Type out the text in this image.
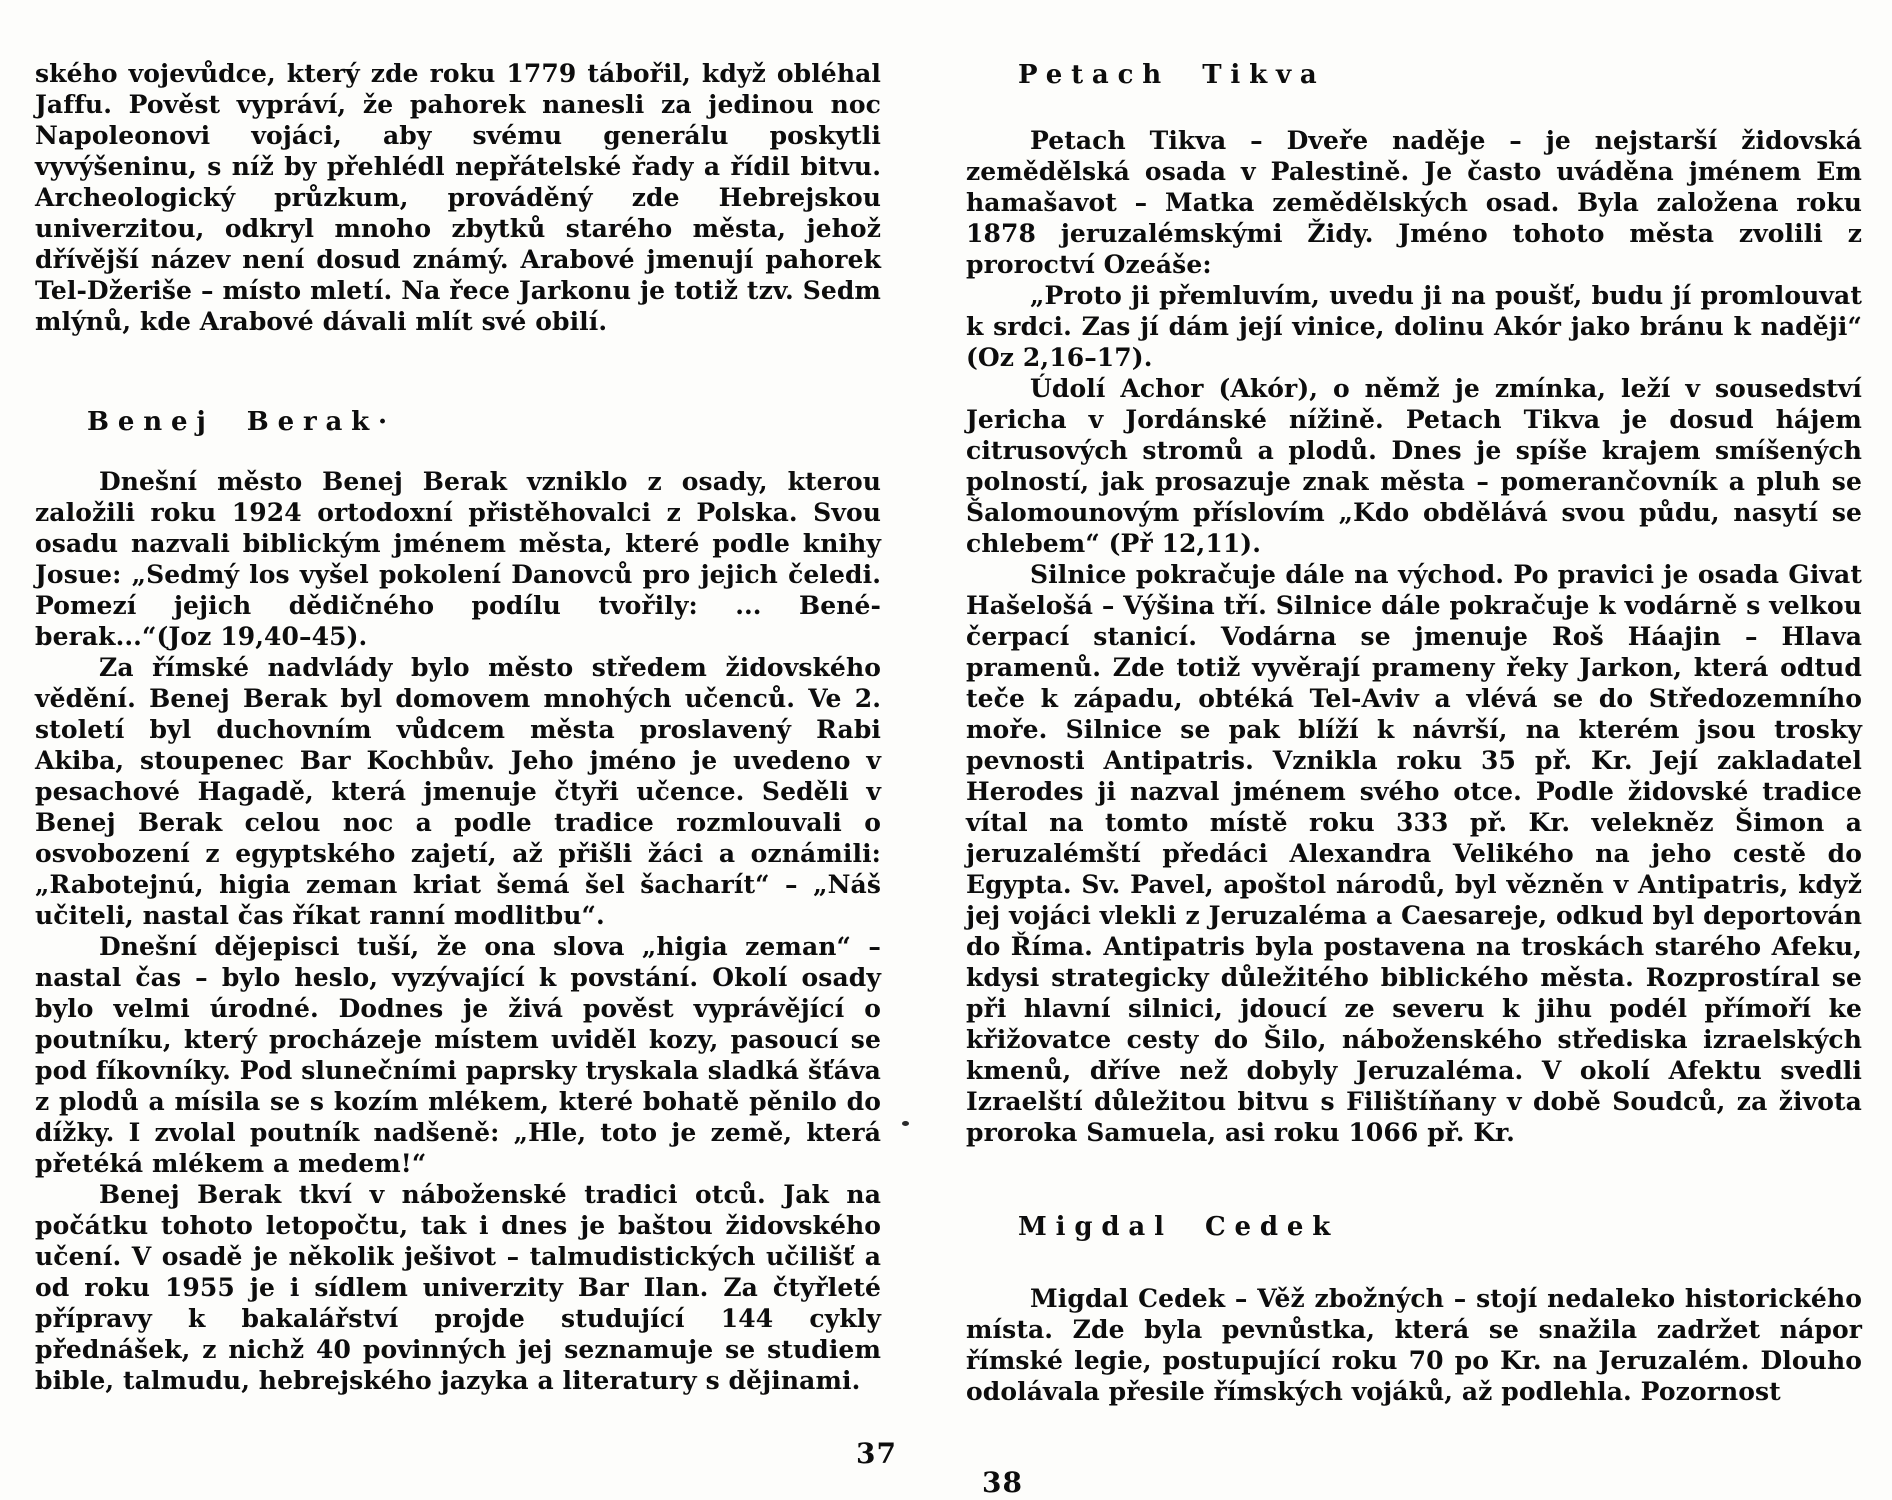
ského vojevůdce, který zde roku 1779 tábořil, když obléhal Jaffu. Pověst vypráví, že pahorek nanesli za jedinou noc Napoleonovi vojáci, aby svému generálu poskytli vyvýšeninu, s níž by přehlédl nepřátelské řady a řídil bitvu. Archeologický průzkum, prováděný zde Hebrejskou univerzitou, odkryl mnoho zbytků starého města, jehož dřívější název není dosud známý. Arabové jmenují pahorek Tel-Džeriše – místo mletí. Na řece Jarkonu je totiž tzv. Sedm mlýnů, kde Arabové dávali mlít své obilí.

Benej Berak·

Dnešní město Benej Berak vzniklo z osady, kterou založili roku 1924 ortodoxní přistěhovalci z Polska. Svou osadu nazvali biblickým jménem města, které podle knihy Josue: „Sedmý los vyšel pokolení Danovců pro jejich čeledi. Pomezí jejich dědičného podílu tvořily: ... Bené-berak...“(Joz 19,40–45).

Za římské nadvlády bylo město středem židovského vědění. Benej Berak byl domovem mnohých učenců. Ve 2. století byl duchovním vůdcem města proslavený Rabi Akiba, stoupenec Bar Kochbův. Jeho jméno je uvedeno v pesachové Hagadě, která jmenuje čtyři učence. Seděli v Benej Berak celou noc a podle tradice rozmlouvali o osvobození z egyptského zajetí, až přišli žáci a oznámili: „Rabotejnú, higia zeman kriat šemá šel šacharít“ – „Náš učiteli, nastal čas říkat ranní modlitbu“.

Dnešní dějepisci tuší, že ona slova „higia zeman“ – nastal čas – bylo heslo, vyzývající k povstání. Okolí osady bylo velmi úrodné. Dodnes je živá pověst vyprávějící o poutníku, který procházeje místem uviděl kozy, pasoucí se pod fíkovníky. Pod slunečními paprsky tryskala sladká šťáva z plodů a mísila se s kozím mlékem, které bohatě pěnilo do dížky. I zvolal poutník nadšeně: „Hle, toto je země, která přetéká mlékem a medem!“

Benej Berak tkví v náboženské tradici otců. Jak na počátku tohoto letopočtu, tak i dnes je baštou židovského učení. V osadě je několik ješivot – talmudistických učilišť a od roku 1955 je i sídlem univerzity Bar Ilan. Za čtyřleté přípravy k bakalářství projde studující 144 cykly přednášek, z nichž 40 povinných jej seznamuje se studiem bible, talmudu, hebrejského jazyka a literatury s dějinami.

Petach Tikva

Petach Tikva – Dveře naděje – je nejstarší židovská zemědělská osada v Palestině. Je často uváděna jménem Em hamašavot – Matka zemědělských osad. Byla založena roku 1878 jeruzalémskými Židy. Jméno tohoto města zvolili z proroctví Ozeáše:

„Proto ji přemluvím, uvedu ji na poušť, budu jí promlouvat k srdci. Zas jí dám její vinice, dolinu Akór jako bránu k naději“ (Oz 2,16–17).

Údolí Achor (Akór), o němž je zmínka, leží v sousedství Jericha v Jordánské nížině. Petach Tikva je dosud hájem citrusových stromů a plodů. Dnes je spíše krajem smíšených polností, jak prosazuje znak města – pomerančovník a pluh se Šalomounovým příslovím „Kdo obdělává svou půdu, nasytí se chlebem“ (Př 12,11).

Silnice pokračuje dále na východ. Po pravici je osada Givat Hašelošá – Výšina tří. Silnice dále pokračuje k vodárně s velkou čerpací stanicí. Vodárna se jmenuje Roš Háajin – Hlava pramenů. Zde totiž vyvěrají prameny řeky Jarkon, která odtud teče k západu, obtéká Tel-Aviv a vlévá se do Středozemního moře. Silnice se pak blíží k návrší, na kterém jsou trosky pevnosti Antipatris. Vznikla roku 35 př. Kr. Její zakladatel Herodes ji nazval jménem svého otce. Podle židovské tradice vítal na tomto místě roku 333 př. Kr. velekněz Šimon a jeruzalémští předáci Alexandra Velikého na jeho cestě do Egypta. Sv. Pavel, apoštol národů, byl vězněn v Antipatris, když jej vojáci vlekli z Jeruzaléma a Caesareje, odkud byl deportován do Říma. Antipatris byla postavena na troskách starého Afeku, kdysi strategicky důležitého biblického města. Rozprostíral se při hlavní silnici, jdoucí ze severu k jihu podél přímoří ke křižovatce cesty do Šilo, náboženského střediska izraelských kmenů, dříve než dobyly Jeruzaléma. V okolí Afektu svedli Izraelští důležitou bitvu s Filištíňany v době Soudců, za života proroka Samuela, asi roku 1066 př. Kr.

Migdal Cedek

Migdal Cedek – Věž zbožných – stojí nedaleko historického místa. Zde byla pevnůstka, která se snažila zadržet nápor římské legie, postupující roku 70 po Kr. na Jeruzalém. Dlouho odolávala přesile římských vojáků, až podlehla. Pozornost

37
38
